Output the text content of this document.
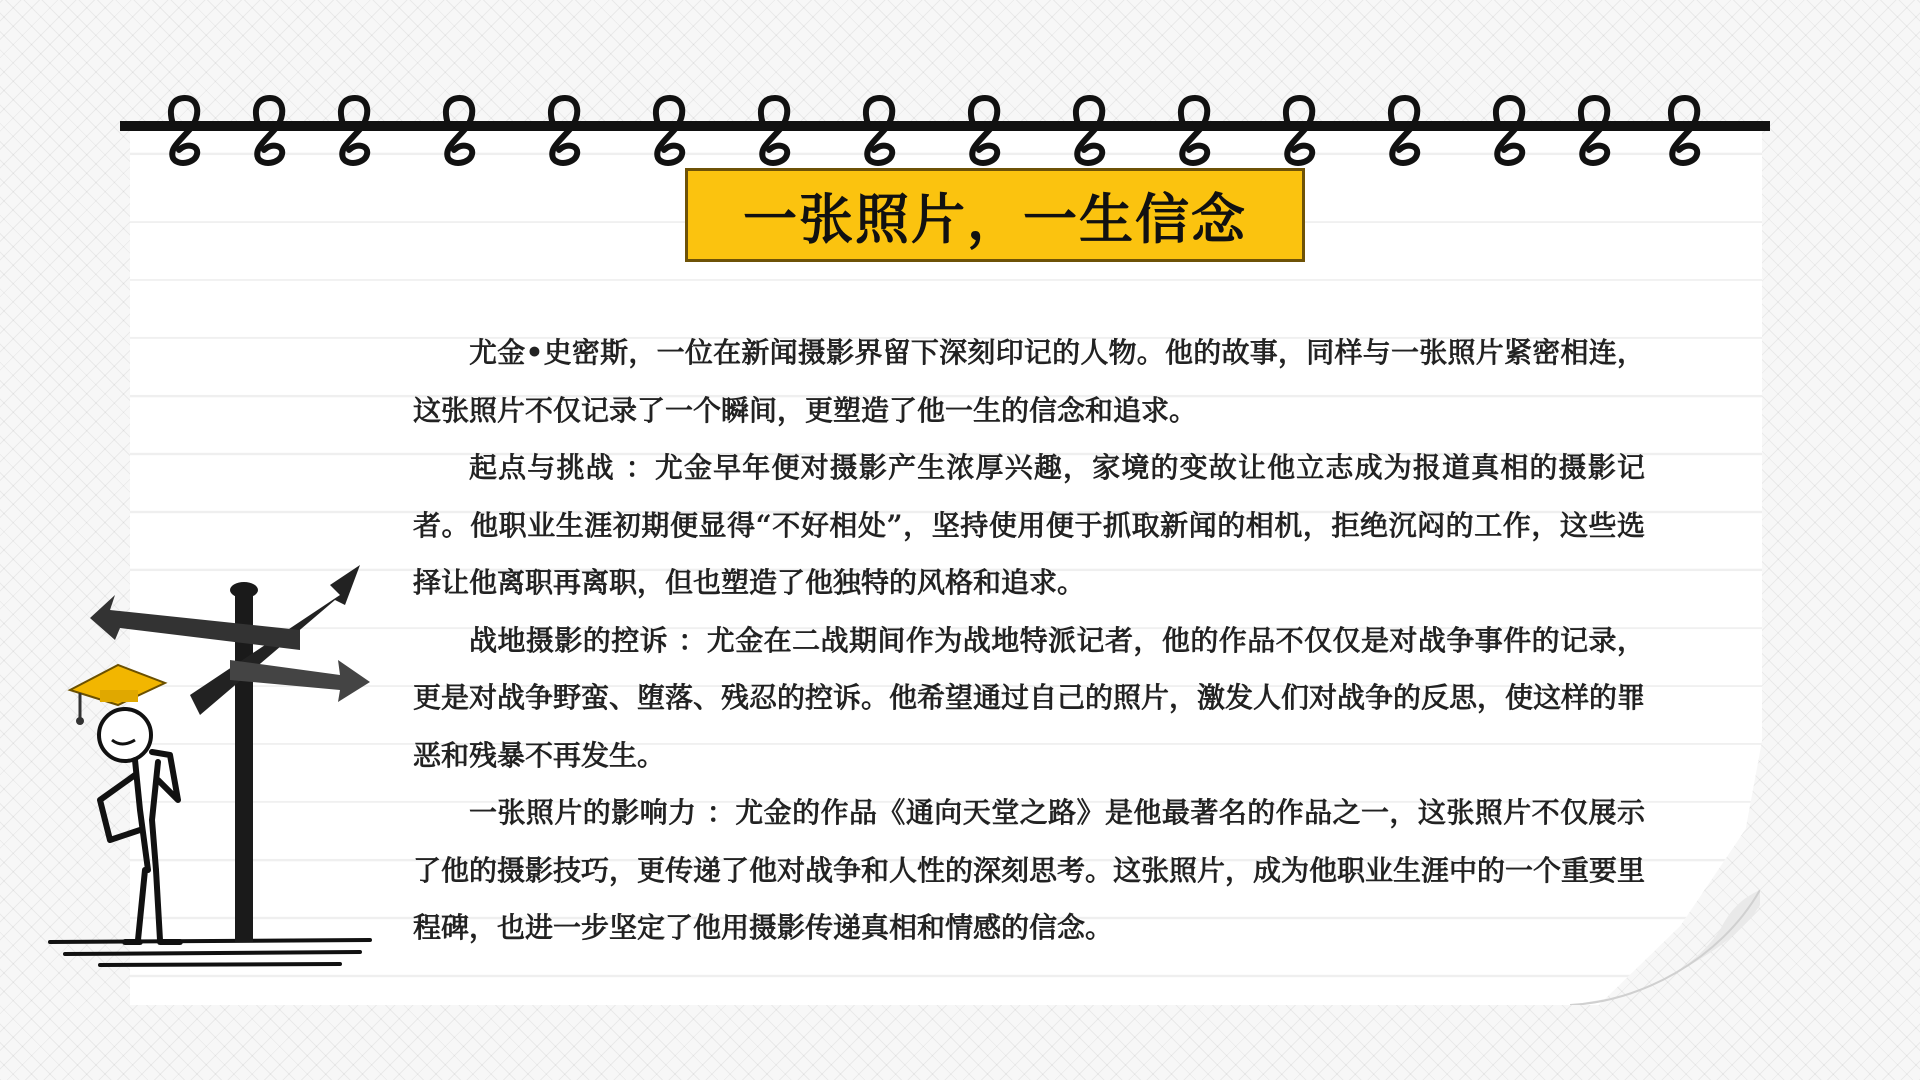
一张照片，一生信念

尤金•史密斯，一位在新闻摄影界留下深刻印记的人物。他的故事，同样与一张照片紧密相连，这张照片不仅记录了一个瞬间，更塑造了他一生的信念和追求。

起点与挑战 ：尤金早年便对摄影产生浓厚兴趣，家境的变故让他立志成为报道真相的摄影记者。他职业生涯初期便显得“不好相处”，坚持使用便于抓取新闻的相机，拒绝沉闷的工作，这些选择让他离职再离职，但也塑造了他独特的风格和追求。

战地摄影的控诉 ：尤金在二战期间作为战地特派记者，他的作品不仅仅是对战争事件的记录，更是对战争野蛮、堕落、残忍的控诉。他希望通过自己的照片，激发人们对战争的反思，使这样的罪恶和残暴不再发生。

一张照片的影响力 ：尤金的作品《通向天堂之路》是他最著名的作品之一，这张照片不仅展示了他的摄影技巧，更传递了他对战争和人性的深刻思考。这张照片，成为他职业生涯中的一个重要里程碑，也进一步坚定了他用摄影传递真相和情感的信念。
